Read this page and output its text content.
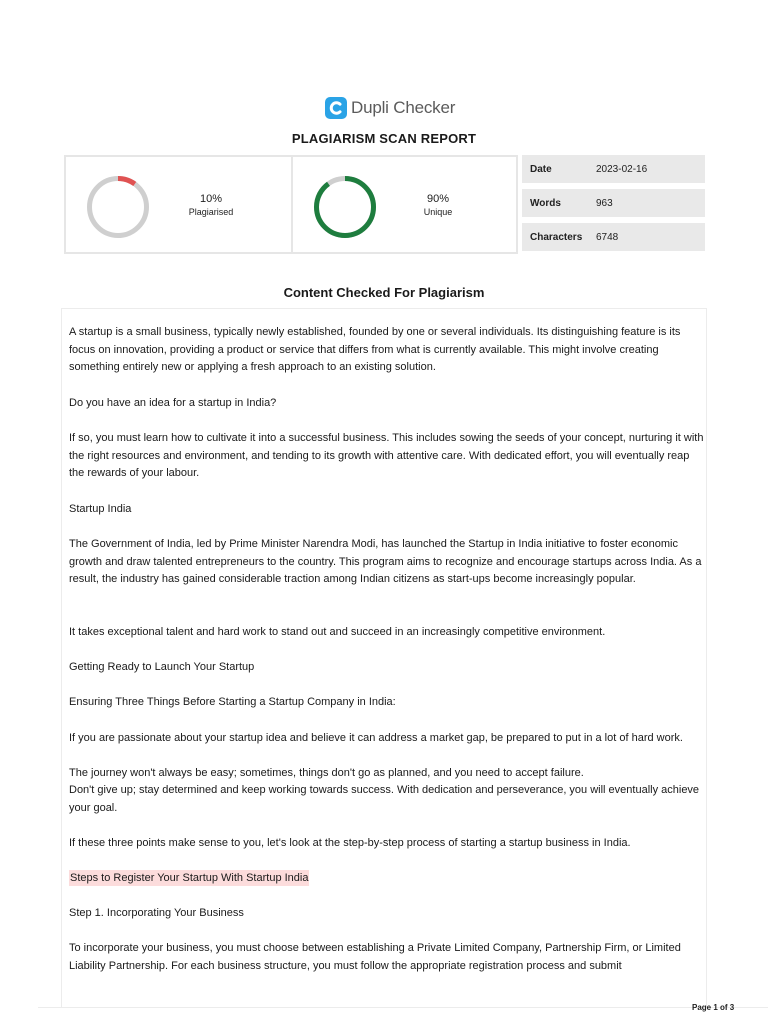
Dupli Checker
PLAGIARISM SCAN REPORT
10%
Plagiarised
90%
Unique
Date	2023-02-16
Words	963
Characters	6748
Content Checked For Plagiarism
A startup is a small business, typically newly established, founded by one or several individuals. Its distinguishing feature is its focus on innovation, providing a product or service that differs from what is currently available. This might involve creating something entirely new or applying a fresh approach to an existing solution.
Do you have an idea for a startup in India?
If so, you must learn how to cultivate it into a successful business. This includes sowing the seeds of your concept, nurturing it with the right resources and environment, and tending to its growth with attentive care. With dedicated effort, you will eventually reap the rewards of your labour.
Startup India
The Government of India, led by Prime Minister Narendra Modi, has launched the Startup in India initiative to foster economic growth and draw talented entrepreneurs to the country. This program aims to recognize and encourage startups across India. As a result, the industry has gained considerable traction among Indian citizens as start-ups become increasingly popular.
It takes exceptional talent and hard work to stand out and succeed in an increasingly competitive environment.
Getting Ready to Launch Your Startup
Ensuring Three Things Before Starting a Startup Company in India:
If you are passionate about your startup idea and believe it can address a market gap, be prepared to put in a lot of hard work.
The journey won't always be easy; sometimes, things don't go as planned, and you need to accept failure.
Don't give up; stay determined and keep working towards success. With dedication and perseverance, you will eventually achieve your goal.
If these three points make sense to you, let's look at the step-by-step process of starting a startup business in India.
Steps to Register Your Startup With Startup India
Step 1. Incorporating Your Business
To incorporate your business, you must choose between establishing a Private Limited Company, Partnership Firm, or Limited Liability Partnership. For each business structure, you must follow the appropriate registration process and submit
Page 1 of 3
